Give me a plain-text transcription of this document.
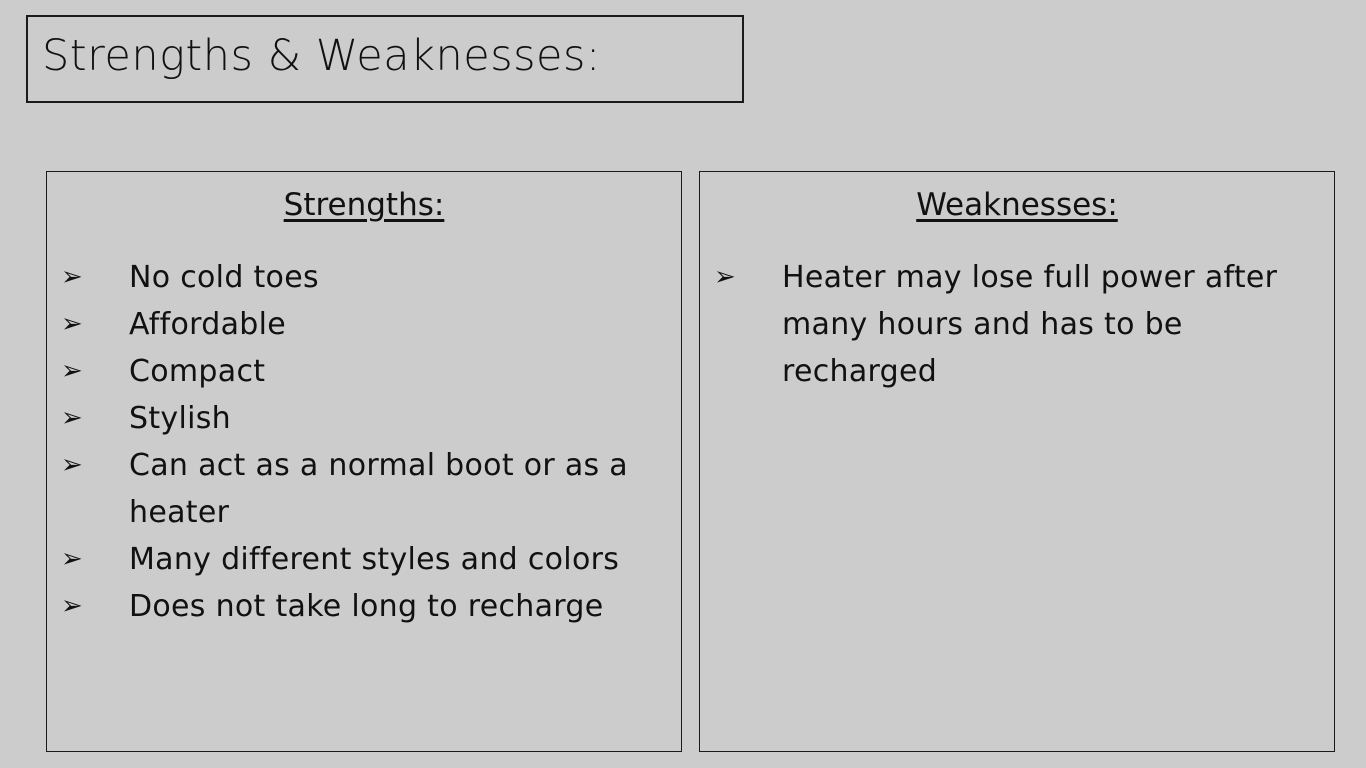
Strengths & Weaknesses:
Strengths:
➢ No cold toes
➢ Affordable
➢ Compact
➢ Stylish
➢ Can act as a normal boot or as a heater
➢ Many different styles and colors
➢ Does not take long to recharge
Weaknesses:
➢ Heater may lose full power after many hours and has to be recharged
